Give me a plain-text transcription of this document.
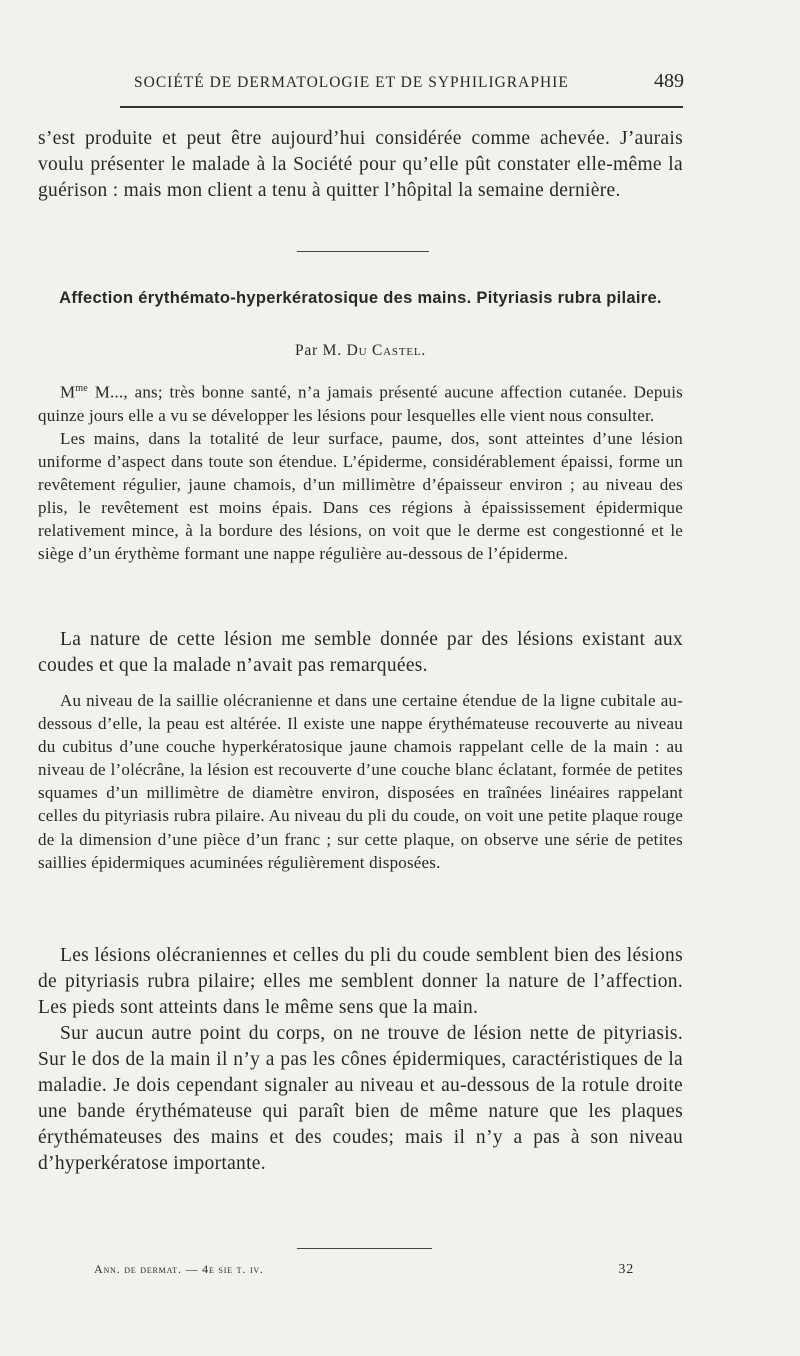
SOCIÉTÉ DE DERMATOLOGIE ET DE SYPHILIGRAPHIE	489

s’est produite et peut être aujourd’hui considérée comme achevée. J’aurais voulu présenter le malade à la Société pour qu’elle pût constater elle-même la guérison : mais mon client a tenu à quitter l’hôpital la semaine dernière.

Affection érythémato-hyperkératosique des mains. Pityriasis rubra pilaire.
Par M. Du Castel.

$M^{me}$ M..., ans; très bonne santé, n’a jamais présenté aucune affection cutanée. Depuis quinze jours elle a vu se développer les lésions pour lesquelles elle vient nous consulter.

Les mains, dans la totalité de leur surface, paume, dos, sont atteintes d’une lésion uniforme d’aspect dans toute son étendue. L’épiderme, considérablement épaissi, forme un revêtement régulier, jaune chamois, d’un millimètre d’épaisseur environ ; au niveau des plis, le revêtement est moins épais. Dans ces régions à épaississement épidermique relativement mince, à la bordure des lésions, on voit que le derme est congestionné et le siège d’un érythème formant une nappe régulière au-dessous de l’épiderme.

La nature de cette lésion me semble donnée par des lésions existant aux coudes et que la malade n’avait pas remarquées.

Au niveau de la saillie olécranienne et dans une certaine étendue de la ligne cubitale au-dessous d’elle, la peau est altérée. Il existe une nappe érythémateuse recouverte au niveau du cubitus d’une couche hyperkératosique jaune chamois rappelant celle de la main : au niveau de l’olécrâne, la lésion est recouverte d’une couche blanc éclatant, formée de petites squames d’un millimètre de diamètre environ, disposées en traînées linéaires rappelant celles du pityriasis rubra pilaire. Au niveau du pli du coude, on voit une petite plaque rouge de la dimension d’une pièce d’un franc ; sur cette plaque, on observe une série de petites saillies épidermiques acuminées régulièrement disposées.

Les lésions olécraniennes et celles du pli du coude semblent bien des lésions de pityriasis rubra pilaire; elles me semblent donner la nature de l’affection. Les pieds sont atteints dans le même sens que la main.

Sur aucun autre point du corps, on ne trouve de lésion nette de pityriasis. Sur le dos de la main il n’y a pas les cônes épidermiques, caractéristiques de la maladie. Je dois cependant signaler au niveau et au-dessous de la rotule droite une bande érythémateuse qui paraît bien de même nature que les plaques érythémateuses des mains et des coudes; mais il n’y a pas à son niveau d’hyperkératose importante.

Ann. de dermat. — 4e sie t. iv.	32
